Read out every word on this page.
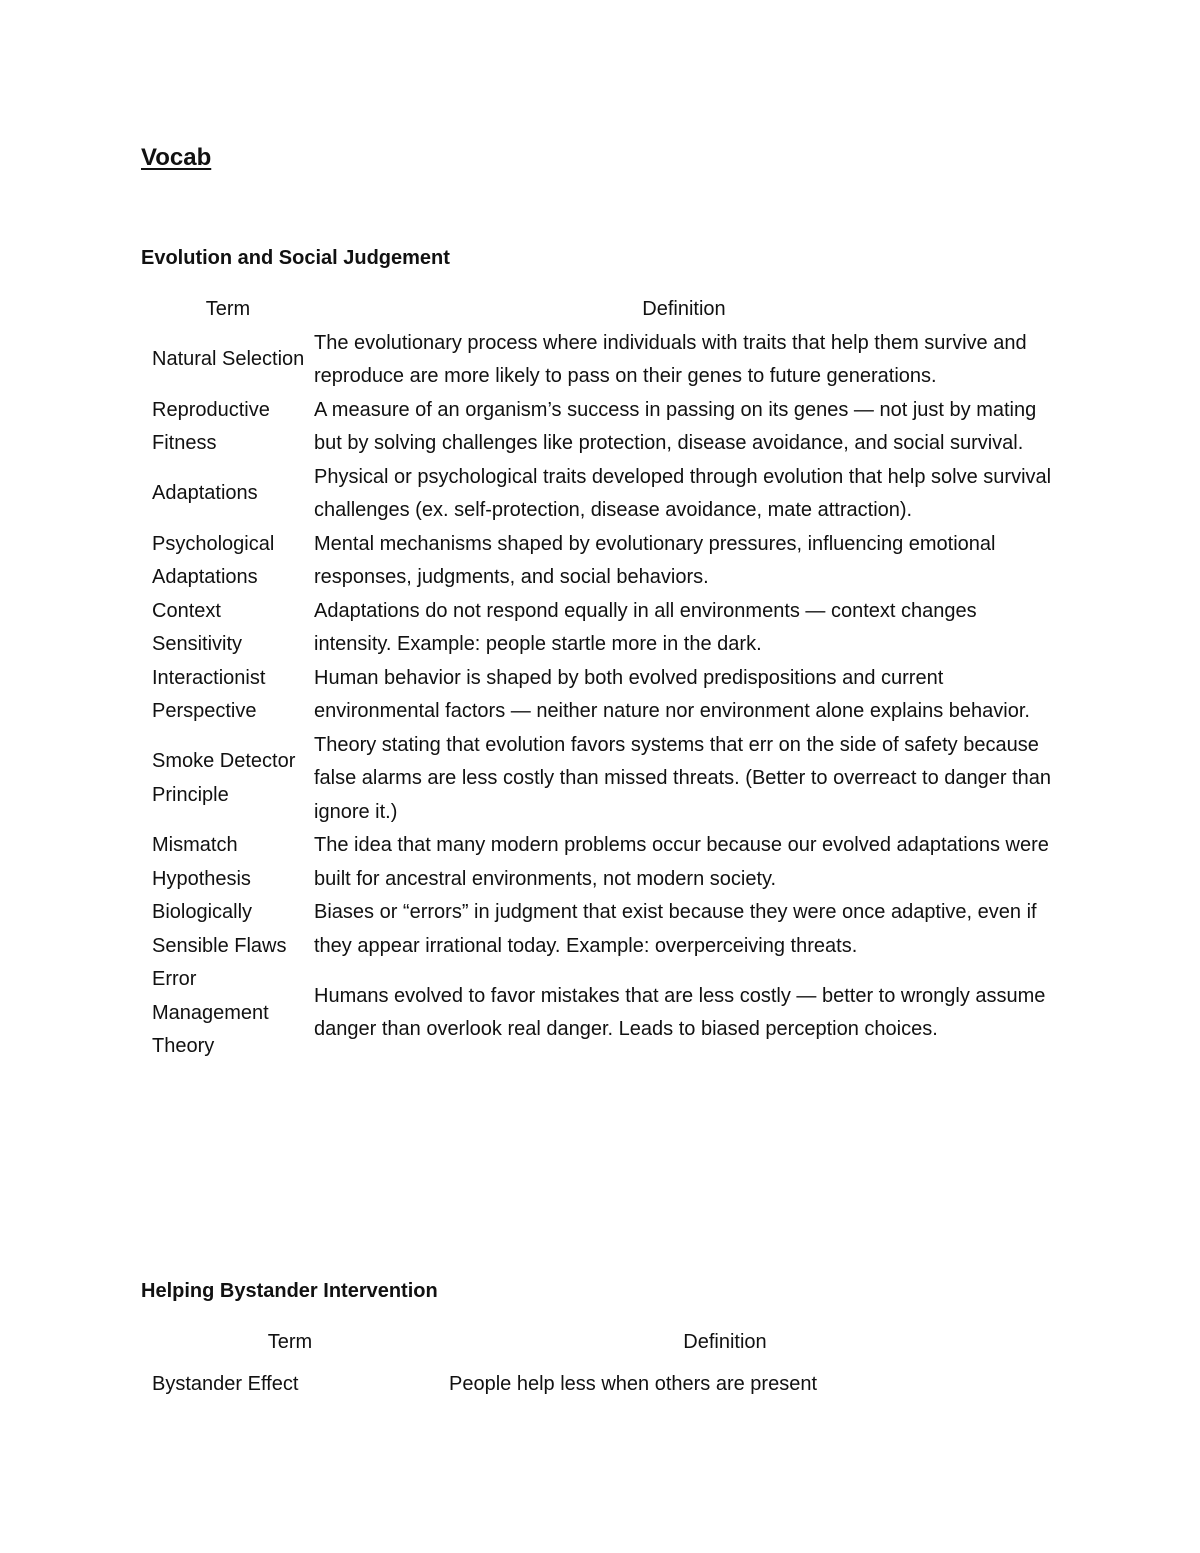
Vocab
Evolution and Social Judgement
Term	Definition
Natural Selection	The evolutionary process where individuals with traits that help them survive and reproduce are more likely to pass on their genes to future generations.
Reproductive Fitness	A measure of an organism’s success in passing on its genes — not just by mating but by solving challenges like protection, disease avoidance, and social survival.
Adaptations	Physical or psychological traits developed through evolution that help solve survival challenges (ex. self-protection, disease avoidance, mate attraction).
Psychological Adaptations	Mental mechanisms shaped by evolutionary pressures, influencing emotional responses, judgments, and social behaviors.
Context Sensitivity	Adaptations do not respond equally in all environments — context changes intensity. Example: people startle more in the dark.
Interactionist Perspective	Human behavior is shaped by both evolved predispositions and current environmental factors — neither nature nor environment alone explains behavior.
Smoke Detector Principle	Theory stating that evolution favors systems that err on the side of safety because false alarms are less costly than missed threats. (Better to overreact to danger than ignore it.)
Mismatch Hypothesis	The idea that many modern problems occur because our evolved adaptations were built for ancestral environments, not modern society.
Biologically Sensible Flaws	Biases or “errors” in judgment that exist because they were once adaptive, even if they appear irrational today. Example: overperceiving threats.
Error Management Theory	Humans evolved to favor mistakes that are less costly — better to wrongly assume danger than overlook real danger. Leads to biased perception choices.
Helping Bystander Intervention
Term	Definition
Bystander Effect	People help less when others are present
